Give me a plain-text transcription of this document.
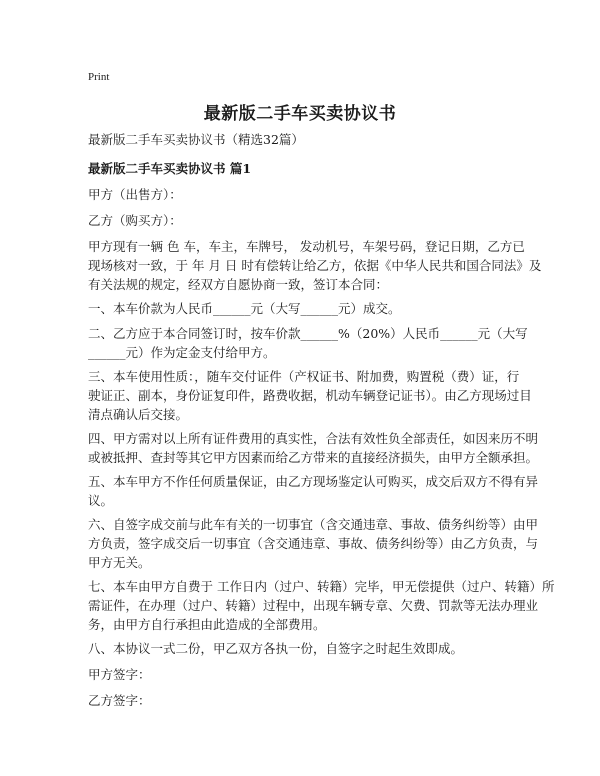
Print
最新版二手车买卖协议书
最新版二手车买卖协议书（精选32篇）
最新版二手车买卖协议书 篇1
甲方（出售方）：
乙方（购买方）：
甲方现有一辆 色 车，车主，车牌号， 发动机号，车架号码，登记日期，乙方已
现场核对一致，于 年 月 日 时有偿转让给乙方，依据《中华人民共和国合同法》及
有关法规的规定，经双方自愿协商一致，签订本合同：
一、本车价款为人民币______元（大写______元）成交。
二、乙方应于本合同签订时，按车价款______%（20%）人民币______元（大写
______元）作为定金支付给甲方。
三、本车使用性质：，随车交付证件（产权证书、附加费，购置税（费）证，行
驶证正、副本，身份证复印件，路费收据，机动车辆登记证书）。由乙方现场过目
清点确认后交接。
四、甲方需对以上所有证件费用的真实性，合法有效性负全部责任，如因来历不明
或被抵押、查封等其它甲方因素而给乙方带来的直接经济损失，由甲方全额承担。
五、本车甲方不作任何质量保证，由乙方现场鉴定认可购买，成交后双方不得有异
议。
六、自签字成交前与此车有关的一切事宜（含交通违章、事故、债务纠纷等）由甲
方负责，签字成交后一切事宜（含交通违章、事故、债务纠纷等）由乙方负责，与
甲方无关。
七、本车由甲方自费于 工作日内（过户、转籍）完毕，甲无偿提供（过户、转籍）所
需证件，在办理（过户、转籍）过程中，出现车辆专章、欠费、罚款等无法办理业
务，由甲方自行承担由此造成的全部费用。
八、本协议一式二份，甲乙双方各执一份，自签字之时起生效即成。
甲方签字：
乙方签字：
